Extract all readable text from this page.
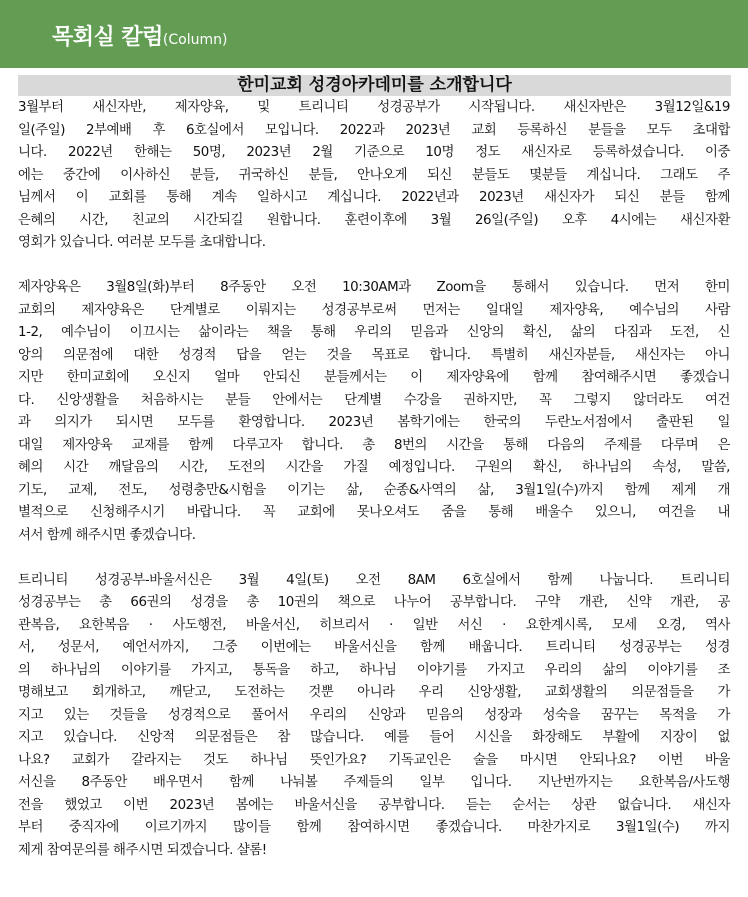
목회실 칼럼(Column)
한미교회 성경아카데미를 소개합니다
3월부터 새신자반, 제자양육, 및 트리니티 성경공부가 시작됩니다. 새신자반은 3월12일&19
일(주일) 2부예배 후 6호실에서 모입니다. 2022과 2023년 교회 등록하신 분들을 모두 초대합
니다. 2022년 한해는 50명, 2023년 2월 기준으로 10명 정도 새신자로 등록하셨습니다. 이중
에는 중간에 이사하신 분들, 귀국하신 분들, 안나오게 되신 분들도 몇분들 계십니다. 그래도 주
님께서 이 교회를 통해 계속 일하시고 계십니다. 2022년과 2023년 새신자가 되신 분들 함께
은혜의 시간, 친교의 시간되길 원합니다. 훈련이후에 3월 26일(주일) 오후 4시에는 새신자환
영회가 있습니다. 여러분 모두를 초대합니다.
제자양육은 3월8일(화)부터 8주동안 오전 10:30AM과 Zoom을 통해서 있습니다. 먼저 한미
교회의 제자양육은 단계별로 이뤄지는 성경공부로써 먼저는 일대일 제자양육, 예수님의 사람
1-2, 예수님이 이끄시는 삶이라는 책을 통해 우리의 믿음과 신앙의 확신, 삶의 다짐과 도전, 신
앙의 의문점에 대한 성경적 답을 얻는 것을 목표로 합니다. 특별히 새신자분들, 새신자는 아니
지만 한미교회에 오신지 얼마 안되신 분들께서는 이 제자양육에 함께 참여해주시면 좋겠습니
다. 신앙생활을 처음하시는 분들 안에서는 단계별 수강을 권하지만, 꼭 그렇지 않더라도 여건
과 의지가 되시면 모두를 환영합니다. 2023년 봄학기에는 한국의 두란노서점에서 출판된 일
대일 제자양육 교재를 함께 다루고자 합니다. 총 8번의 시간을 통해 다음의 주제를 다루며 은
혜의 시간 깨달음의 시간, 도전의 시간을 가질 예정입니다. 구원의 확신, 하나님의 속성, 말씀,
기도, 교제, 전도, 성령충만&시험을 이기는 삶, 순종&사역의 삶, 3월1일(수)까지 함께 제게 개
별적으로 신청해주시기 바랍니다. 꼭 교회에 못나오셔도 줌을 통해 배울수 있으니, 여건을 내
셔서 함께 해주시면 좋겠습니다.
트리니티 성경공부-바울서신은 3월 4일(토) 오전 8AM 6호실에서 함께 나눕니다. 트리니티
성경공부는 총 66권의 성경을 총 10권의 책으로 나누어 공부합니다. 구약 개관, 신약 개관, 공
관복음, 요한복음 · 사도행전, 바울서신, 히브리서 · 일반 서신 · 요한계시록, 모세 오경, 역사
서, 성문서, 예언서까지, 그중 이번에는 바울서신을 함께 배웁니다. 트리니티 성경공부는 성경
의 하나님의 이야기를 가지고, 통독을 하고, 하나님 이야기를 가지고 우리의 삶의 이야기를 조
명해보고 회개하고, 깨닫고, 도전하는 것뿐 아니라 우리 신앙생활, 교회생활의 의문점들을 가
지고 있는 것들을 성경적으로 풀어서 우리의 신앙과 믿음의 성장과 성숙을 꿈꾸는 목적을 가
지고 있습니다. 신앙적 의문점들은 참 많습니다. 예를 들어 시신을 화장해도 부활에 지장이 없
나요? 교회가 갈라지는 것도 하나님 뜻인가요? 기독교인은 술을 마시면 안되나요? 이번 바울
서신을 8주동안 배우면서 함께 나눠볼 주제들의 일부 입니다. 지난번까지는 요한복음/사도행
전을 했었고 이번 2023년 봄에는 바울서신을 공부합니다. 듣는 순서는 상관 없습니다. 새신자
부터 중직자에 이르기까지 많이들 함께 참여하시면 좋겠습니다. 마찬가지로 3월1일(수) 까지
제게 참여문의를 해주시면 되겠습니다. 샬롬!
